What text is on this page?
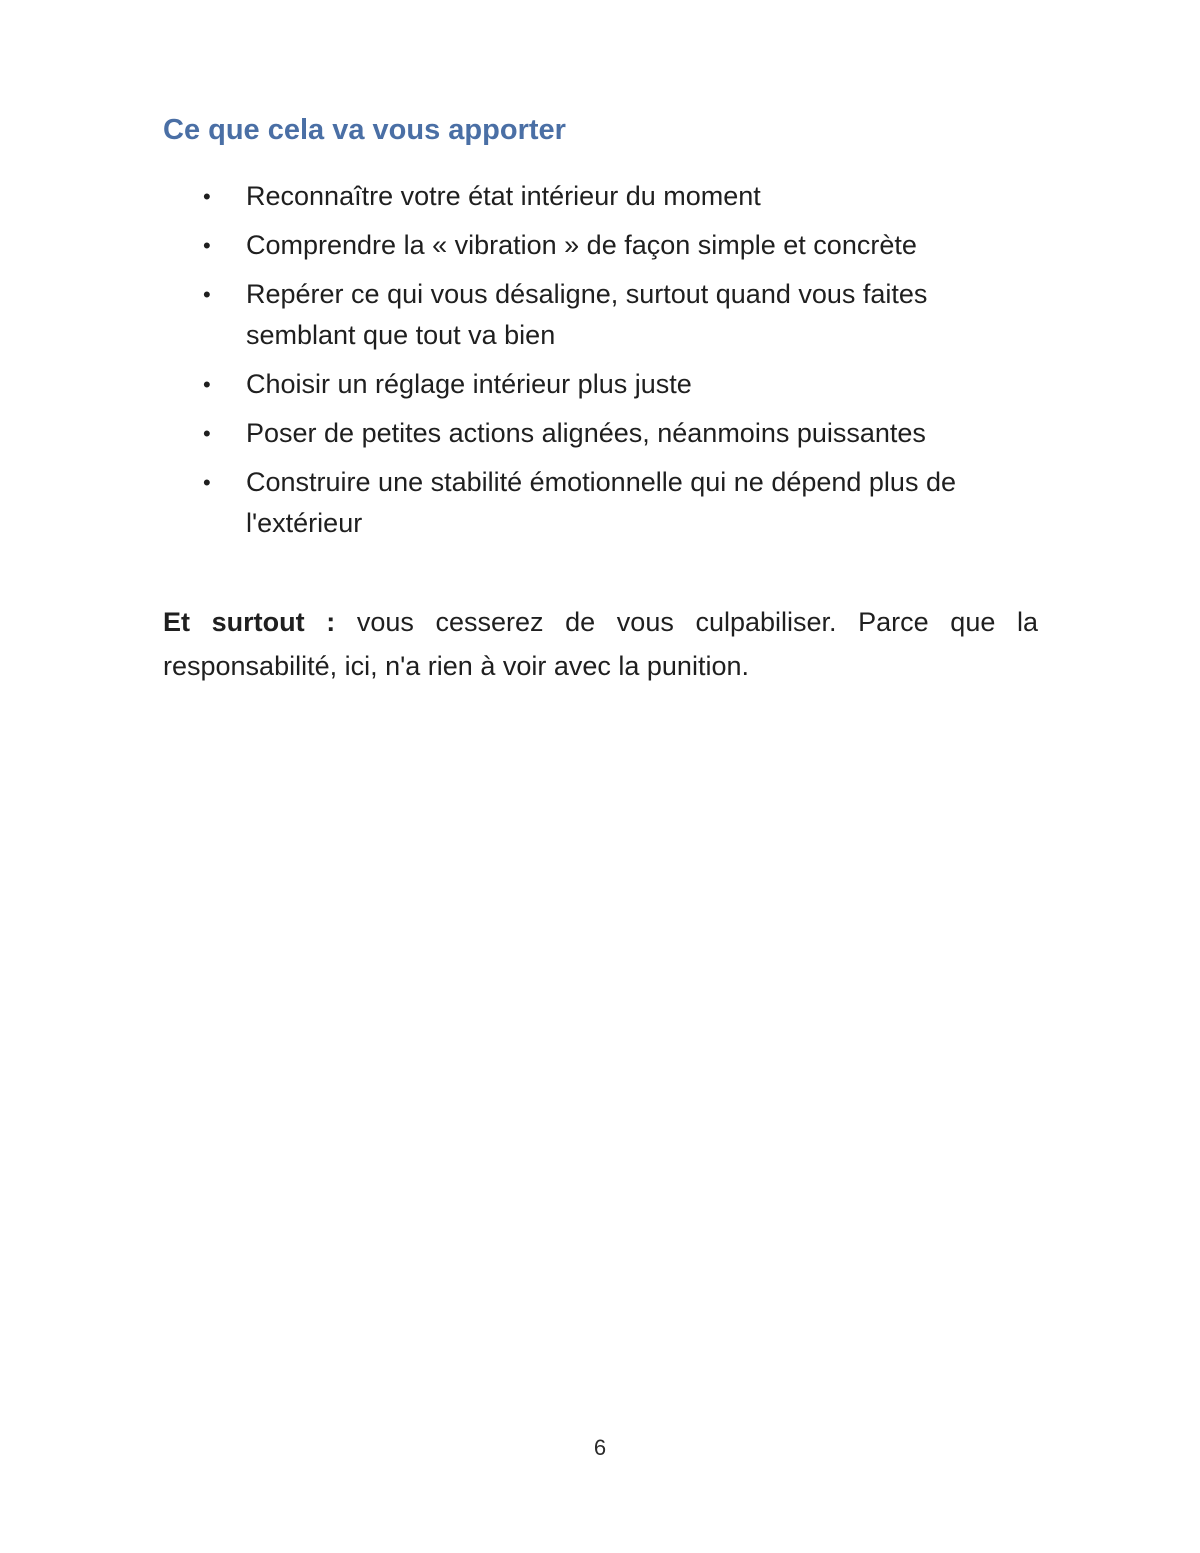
Ce que cela va vous apporter
• Reconnaître votre état intérieur du moment
• Comprendre la « vibration » de façon simple et concrète
• Repérer ce qui vous désaligne, surtout quand vous faites semblant que tout va bien
• Choisir un réglage intérieur plus juste
• Poser de petites actions alignées, néanmoins puissantes
• Construire une stabilité émotionnelle qui ne dépend plus de l'extérieur

Et surtout : vous cesserez de vous culpabiliser. Parce que la responsabilité, ici, n'a rien à voir avec la punition.

6
